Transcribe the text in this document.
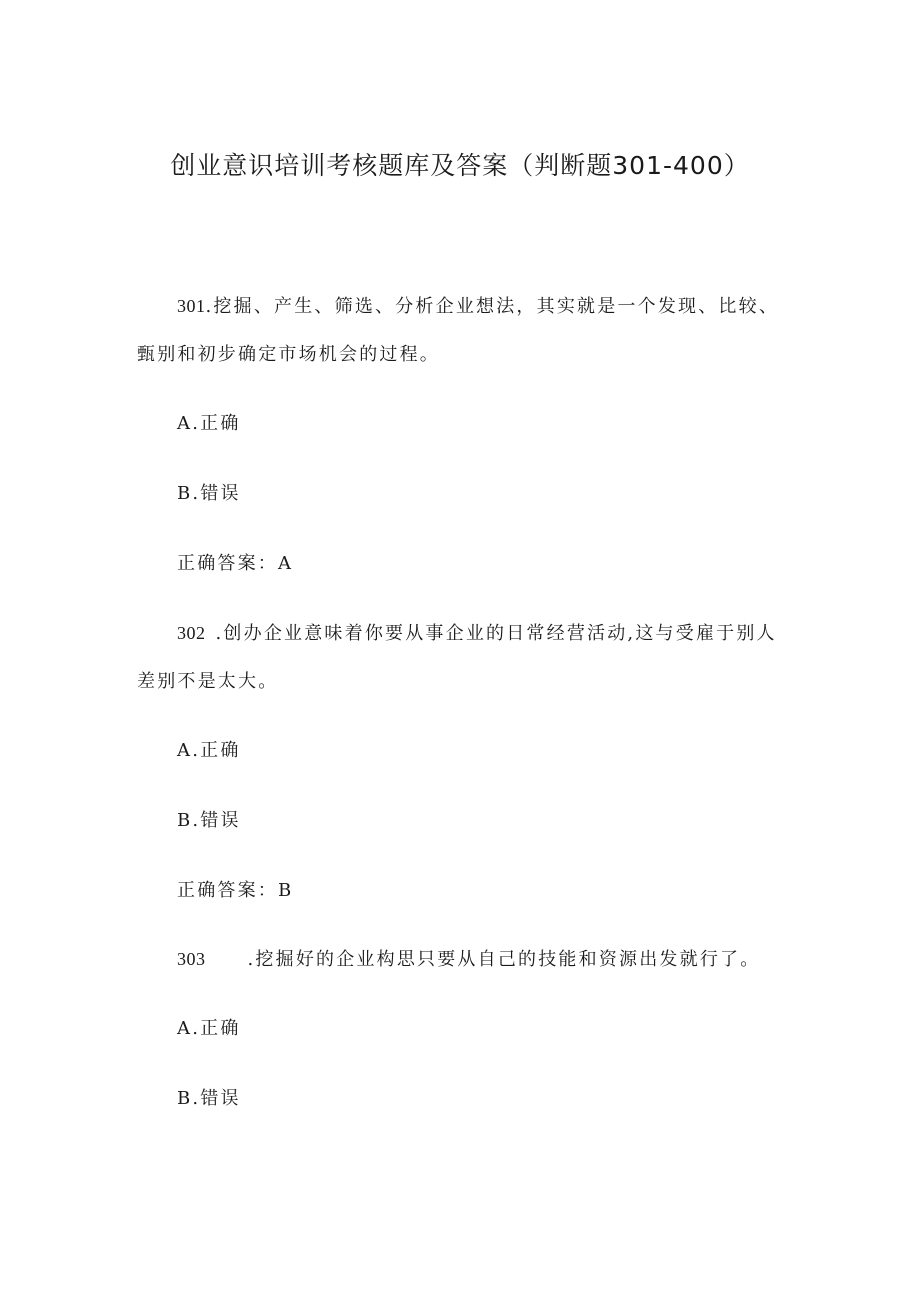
创业意识培训考核题库及答案（判断题301-400）

301.挖掘、产生、筛选、分析企业想法，其实就是一个发现、比较、

甄别和初步确定市场机会的过程。

A.正确

B.错误

正确答案：A

302 .创办企业意味着你要从事企业的日常经营活动,这与受雇于别人

差别不是太大。

A.正确

B.错误

正确答案：B

303 .挖掘好的企业构思只要从自己的技能和资源出发就行了。

A.正确

B.错误
